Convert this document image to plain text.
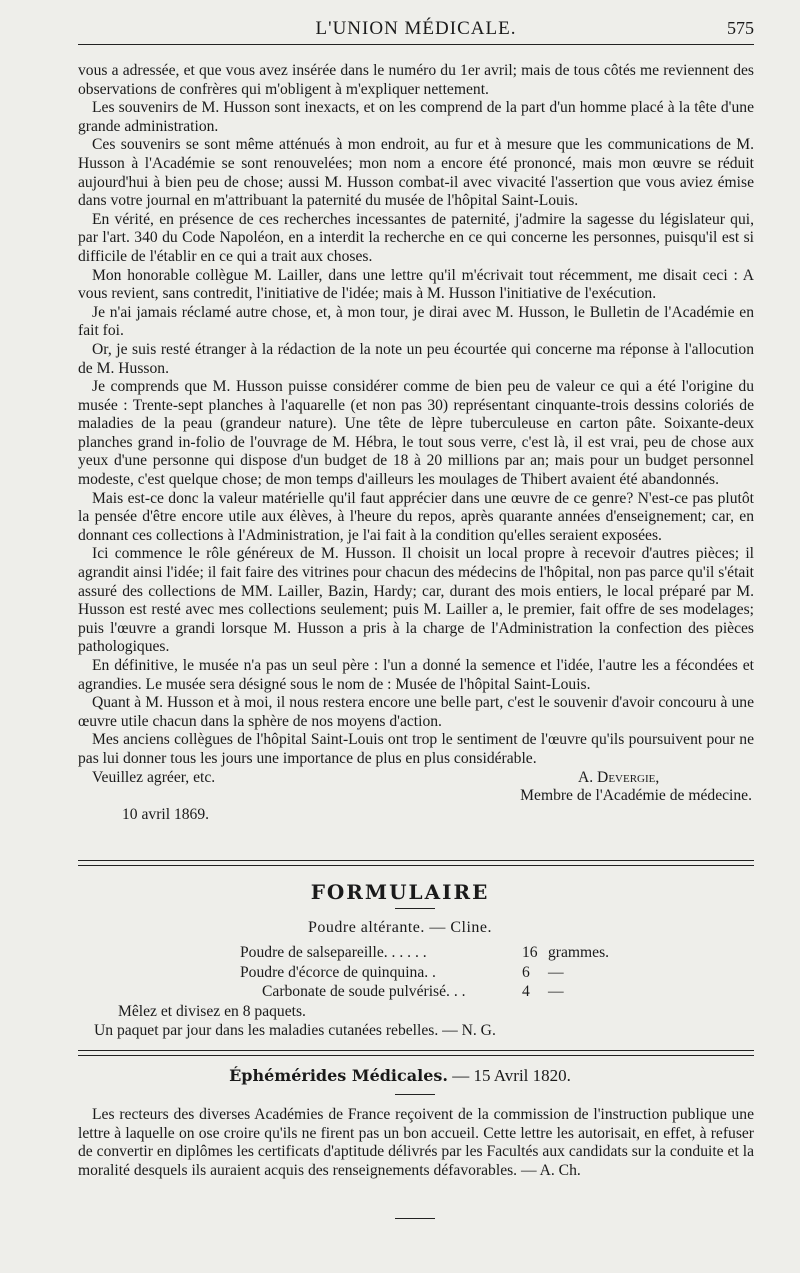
L'UNION MÉDICALE.	575

vous a adressée, et que vous avez insérée dans le numéro du 1er avril; mais de tous côtés me reviennent des observations de confrères qui m'obligent à m'expliquer nettement.

Les souvenirs de M. Husson sont inexacts, et on les comprend de la part d'un homme placé à la tête d'une grande administration.

Ces souvenirs se sont même atténués à mon endroit, au fur et à mesure que les communications de M. Husson à l'Académie se sont renouvelées; mon nom a encore été prononcé, mais mon œuvre se réduit aujourd'hui à bien peu de chose; aussi M. Husson combat-il avec vivacité l'assertion que vous aviez émise dans votre journal en m'attribuant la paternité du musée de l'hôpital Saint-Louis.

En vérité, en présence de ces recherches incessantes de paternité, j'admire la sagesse du législateur qui, par l'art. 340 du Code Napoléon, en a interdit la recherche en ce qui concerne les personnes, puisqu'il est si difficile de l'établir en ce qui a trait aux choses.

Mon honorable collègue M. Lailler, dans une lettre qu'il m'écrivait tout récemment, me disait ceci : A vous revient, sans contredit, l'initiative de l'idée; mais à M. Husson l'initiative de l'exécution.

Je n'ai jamais réclamé autre chose, et, à mon tour, je dirai avec M. Husson, le Bulletin de l'Académie en fait foi.

Or, je suis resté étranger à la rédaction de la note un peu écourtée qui concerne ma réponse à l'allocution de M. Husson.

Je comprends que M. Husson puisse considérer comme de bien peu de valeur ce qui a été l'origine du musée : Trente-sept planches à l'aquarelle (et non pas 30) représentant cinquante-trois dessins coloriés de maladies de la peau (grandeur nature). Une tête de lèpre tuberculeuse en carton pâte. Soixante-deux planches grand in-folio de l'ouvrage de M. Hébra, le tout sous verre, c'est là, il est vrai, peu de chose aux yeux d'une personne qui dispose d'un budget de 18 à 20 millions par an; mais pour un budget personnel modeste, c'est quelque chose; de mon temps d'ailleurs les moulages de Thibert avaient été abandonnés.

Mais est-ce donc la valeur matérielle qu'il faut apprécier dans une œuvre de ce genre? N'est-ce pas plutôt la pensée d'être encore utile aux élèves, à l'heure du repos, après quarante années d'enseignement; car, en donnant ces collections à l'Administration, je l'ai fait à la condition qu'elles seraient exposées.

Ici commence le rôle généreux de M. Husson. Il choisit un local propre à recevoir d'autres pièces; il agrandit ainsi l'idée; il fait faire des vitrines pour chacun des médecins de l'hôpital, non pas parce qu'il s'était assuré des collections de MM. Lailler, Bazin, Hardy; car, durant des mois entiers, le local préparé par M. Husson est resté avec mes collections seulement; puis M. Lailler a, le premier, fait offre de ses modelages; puis l'œuvre a grandi lorsque M. Husson a pris à la charge de l'Administration la confection des pièces pathologiques.

En définitive, le musée n'a pas un seul père : l'un a donné la semence et l'idée, l'autre les a fécondées et agrandies. Le musée sera désigné sous le nom de : Musée de l'hôpital Saint-Louis.

Quant à M. Husson et à moi, il nous restera encore une belle part, c'est le souvenir d'avoir concouru à une œuvre utile chacun dans la sphère de nos moyens d'action.

Mes anciens collègues de l'hôpital Saint-Louis ont trop le sentiment de l'œuvre qu'ils poursuivent pour ne pas lui donner tous les jours une importance de plus en plus considérable.

Veuillez agréer, etc.	A. Devergie,
Membre de l'Académie de médecine.
10 avril 1869.
FORMULAIRE
Poudre altérante. — Cline.
Poudre de salsepareille. . . . . .	16 grammes.
Poudre d'écorce de quinquina. .	6 —
Carbonate de soude pulvérisé. . .	4 —
Mêlez et divisez en 8 paquets.
Un paquet par jour dans les maladies cutanées rebelles. — N. G.
Éphémérides Médicales. — 15 Avril 1820.

Les recteurs des diverses Académies de France reçoivent de la commission de l'instruction publique une lettre à laquelle on ose croire qu'ils ne firent pas un bon accueil. Cette lettre les autorisait, en effet, à refuser de convertir en diplômes les certificats d'aptitude délivrés par les Facultés aux candidats sur la conduite et la moralité desquels ils auraient acquis des renseignements défavorables. — A. Ch.
